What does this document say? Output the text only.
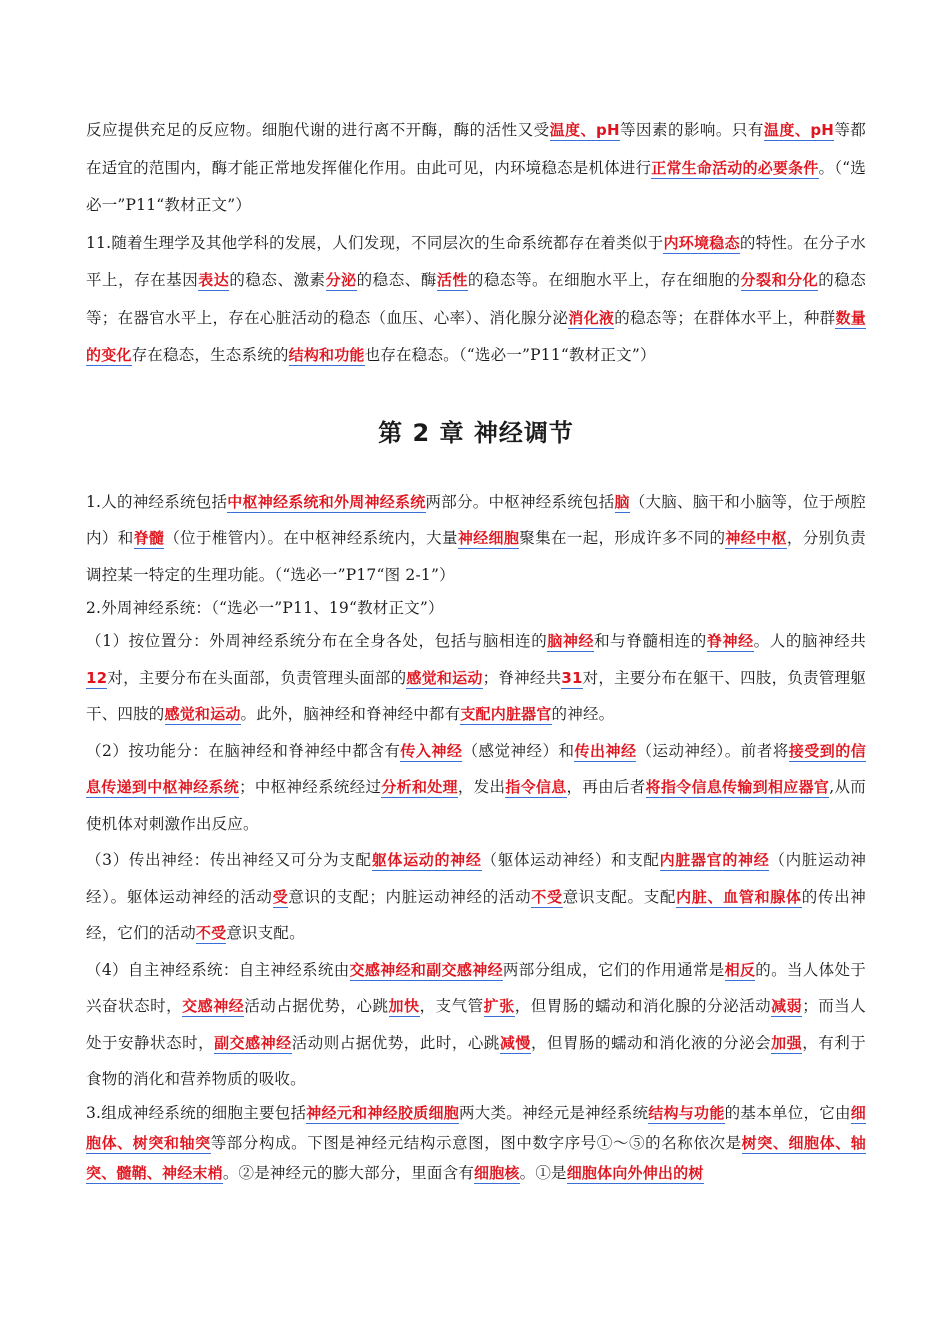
反应提供充足的反应物。细胞代谢的进行离不开酶，酶的活性又受温度、pH等因素的影响。只有温度、pH等都在适宜的范围内，酶才能正常地发挥催化作用。由此可见，内环境稳态是机体进行正常生命活动的必要条件。（“选必一”P11“教材正文”）

11.随着生理学及其他学科的发展，人们发现，不同层次的生命系统都存在着类似于内环境稳态的特性。在分子水平上，存在基因表达的稳态、激素分泌的稳态、酶活性的稳态等。在细胞水平上，存在细胞的分裂和分化的稳态等；在器官水平上，存在心脏活动的稳态（血压、心率）、消化腺分泌消化液的稳态等；在群体水平上，种群数量的变化存在稳态，生态系统的结构和功能也存在稳态。（“选必一”P11“教材正文”）

第 2 章 神经调节

1.人的神经系统包括中枢神经系统和外周神经系统两部分。中枢神经系统包括脑（大脑、脑干和小脑等，位于颅腔内）和脊髓（位于椎管内）。在中枢神经系统内，大量神经细胞聚集在一起，形成许多不同的神经中枢，分别负责调控某一特定的生理功能。（“选必一”P17“图 2-1”）

2.外周神经系统：（“选必一”P11、19“教材正文”）

（1）按位置分：外周神经系统分布在全身各处，包括与脑相连的脑神经和与脊髓相连的脊神经。人的脑神经共12对，主要分布在头面部，负责管理头面部的感觉和运动；脊神经共31对，主要分布在躯干、四肢，负责管理躯干、四肢的感觉和运动。此外，脑神经和脊神经中都有支配内脏器官的神经。

（2）按功能分：在脑神经和脊神经中都含有传入神经（感觉神经）和传出神经（运动神经）。前者将接受到的信息传递到中枢神经系统；中枢神经系统经过分析和处理，发出指令信息，再由后者将指令信息传输到相应器官,从而使机体对刺激作出反应。

（3）传出神经：传出神经又可分为支配躯体运动的神经（躯体运动神经）和支配内脏器官的神经（内脏运动神经）。躯体运动神经的活动受意识的支配；内脏运动神经的活动不受意识支配。支配内脏、血管和腺体的传出神经，它们的活动不受意识支配。

（4）自主神经系统：自主神经系统由交感神经和副交感神经两部分组成，它们的作用通常是相反的。当人体处于兴奋状态时，交感神经活动占据优势，心跳加快，支气管扩张，但胃肠的蠕动和消化腺的分泌活动减弱；而当人处于安静状态时，副交感神经活动则占据优势，此时，心跳减慢，但胃肠的蠕动和消化液的分泌会加强，有利于食物的消化和营养物质的吸收。

3.组成神经系统的细胞主要包括神经元和神经胶质细胞两大类。神经元是神经系统结构与功能的基本单位，它由细胞体、树突和轴突等部分构成。下图是神经元结构示意图，图中数字序号①～⑤的名称依次是树突、细胞体、轴突、髓鞘、神经末梢。②是神经元的膨大部分，里面含有细胞核。①是细胞体向外伸出的树
